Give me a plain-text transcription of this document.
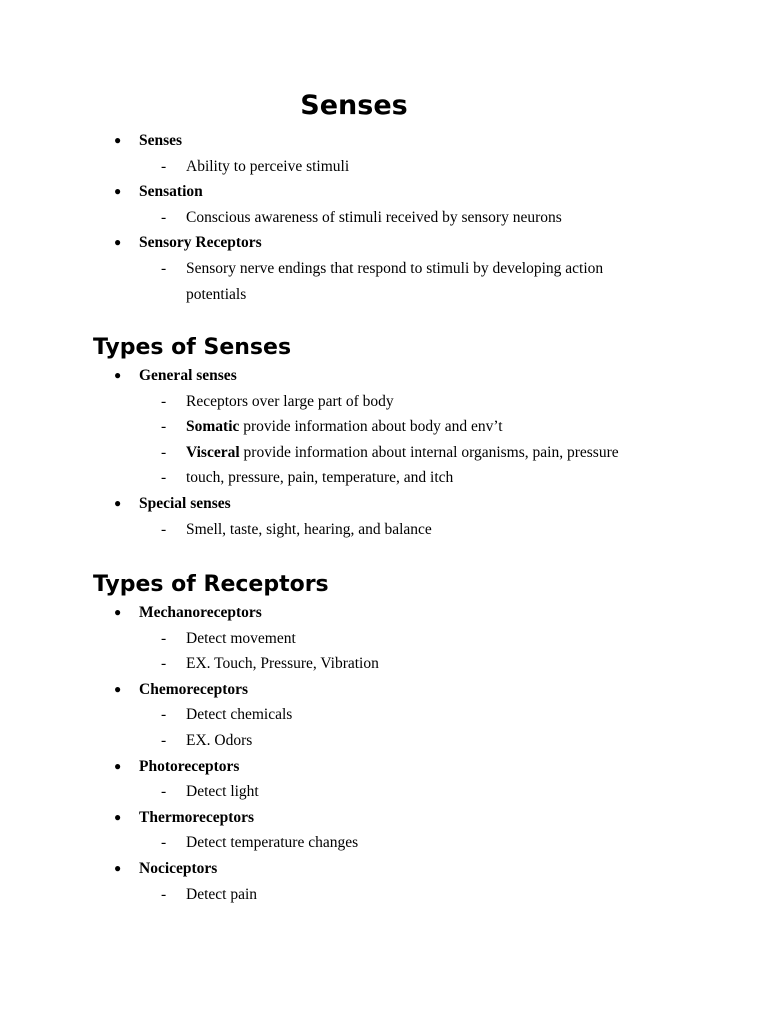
Senses
● Senses
- Ability to perceive stimuli
● Sensation
- Conscious awareness of stimuli received by sensory neurons
● Sensory Receptors
- Sensory nerve endings that respond to stimuli by developing action
potentials
Types of Senses
● General senses
- Receptors over large part of body
- Somatic provide information about body and env’t
- Visceral provide information about internal organisms, pain, pressure
- touch, pressure, pain, temperature, and itch
● Special senses
- Smell, taste, sight, hearing, and balance
Types of Receptors
● Mechanoreceptors
- Detect movement
- EX. Touch, Pressure, Vibration
● Chemoreceptors
- Detect chemicals
- EX. Odors
● Photoreceptors
- Detect light
● Thermoreceptors
- Detect temperature changes
● Nociceptors
- Detect pain
